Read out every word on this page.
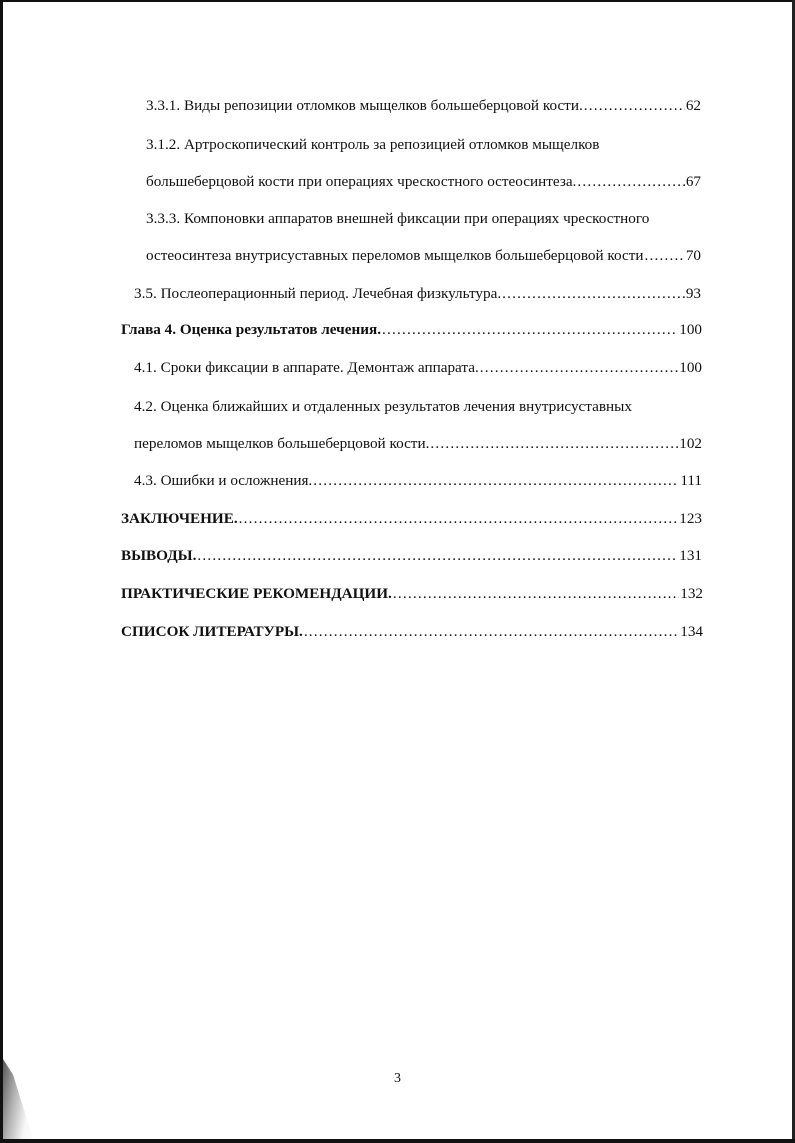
3.3.1. Виды репозиции отломков мыщелков большеберцовой кости. .....	62
3.1.2. Артроскопический контроль за репозицией отломков мыщелков
большеберцовой кости при операциях чрескостного остеосинтеза. .....	67
3.3.3. Компоновки аппаратов внешней фиксации при операциях чрескостного
остеосинтеза внутрисуставных переломов мыщелков большеберцовой кости .....	70
3.5. Послеоперационный период. Лечебная физкультура. .....	93
Глава 4. Оценка результатов лечения. .....	100
4.1. Сроки фиксации в аппарате. Демонтаж аппарата. .....	100
4.2. Оценка ближайших и отдаленных результатов лечения внутрисуставных
переломов мыщелков большеберцовой кости. .....	102
4.3. Ошибки и осложнения. .....	111
ЗАКЛЮЧЕНИЕ. .....	123
ВЫВОДЫ. .....	131
ПРАКТИЧЕСКИЕ РЕКОМЕНДАЦИИ. .....	132
СПИСОК ЛИТЕРАТУРЫ. .....	134
3
